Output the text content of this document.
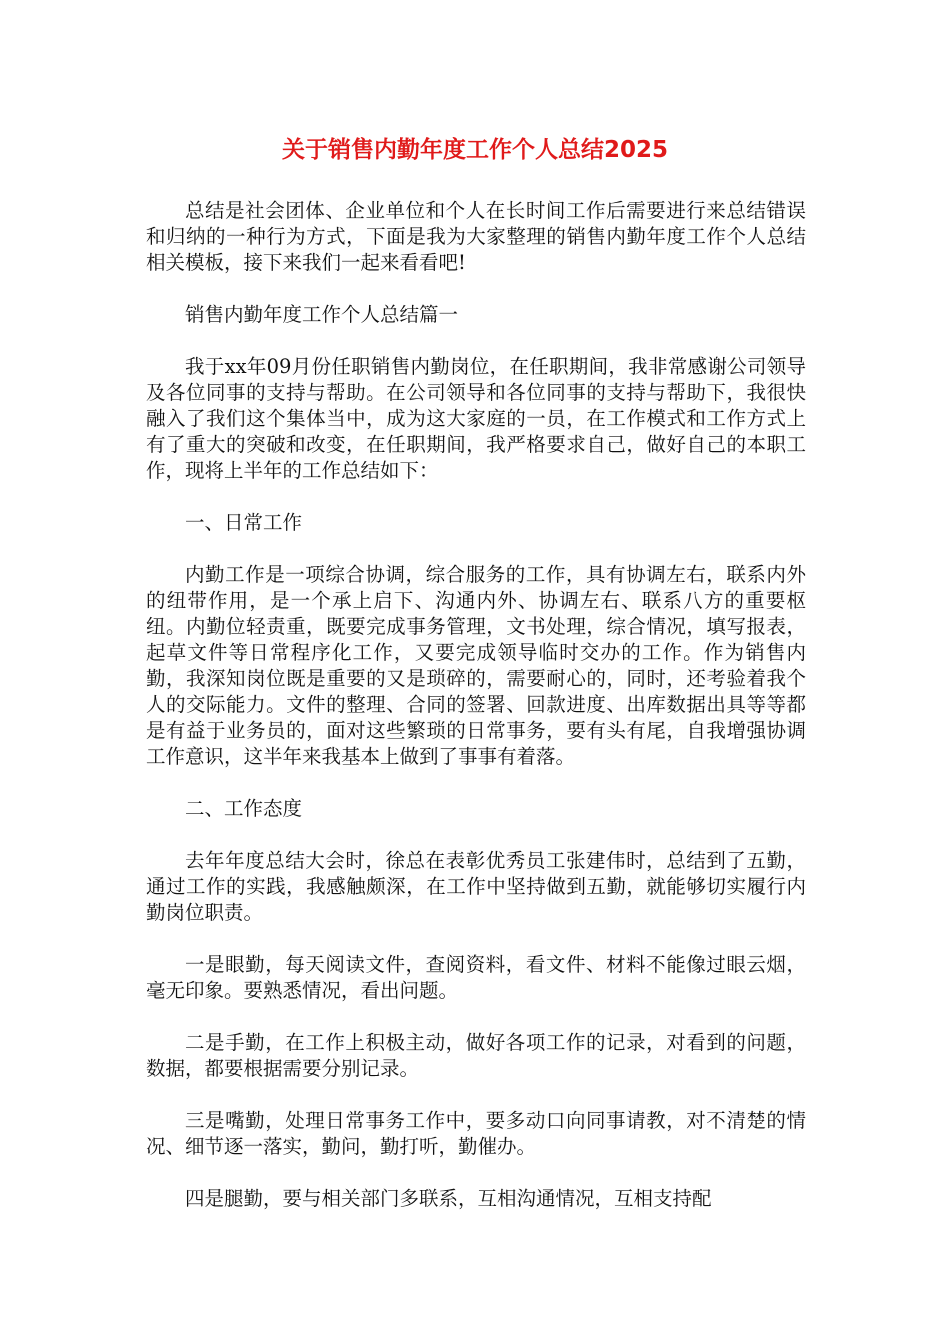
关于销售内勤年度工作个人总结2025

总结是社会团体、企业单位和个人在长时间工作后需要进行来总结错误和归纳的一种行为方式，下面是我为大家整理的销售内勤年度工作个人总结相关模板，接下来我们一起来看看吧!

销售内勤年度工作个人总结篇一

我于xx年09月份任职销售内勤岗位，在任职期间，我非常感谢公司领导及各位同事的支持与帮助。在公司领导和各位同事的支持与帮助下，我很快融入了我们这个集体当中，成为这大家庭的一员，在工作模式和工作方式上有了重大的突破和改变，在任职期间，我严格要求自己，做好自己的本职工作，现将上半年的工作总结如下：

一、日常工作

内勤工作是一项综合协调，综合服务的工作，具有协调左右，联系内外的纽带作用，是一个承上启下、沟通内外、协调左右、联系八方的重要枢纽。内勤位轻责重，既要完成事务管理，文书处理，综合情况，填写报表，起草文件等日常程序化工作，又要完成领导临时交办的工作。作为销售内勤，我深知岗位既是重要的又是琐碎的，需要耐心的，同时，还考验着我个人的交际能力。文件的整理、合同的签署、回款进度、出库数据出具等等都是有益于业务员的，面对这些繁琐的日常事务，要有头有尾，自我增强协调工作意识，这半年来我基本上做到了事事有着落。

二、工作态度

去年年度总结大会时，徐总在表彰优秀员工张建伟时，总结到了五勤，通过工作的实践，我感触颇深，在工作中坚持做到五勤，就能够切实履行内勤岗位职责。

一是眼勤，每天阅读文件，查阅资料，看文件、材料不能像过眼云烟，毫无印象。要熟悉情况，看出问题。

二是手勤，在工作上积极主动，做好各项工作的记录，对看到的问题，数据，都要根据需要分别记录。

三是嘴勤，处理日常事务工作中，要多动口向同事请教，对不清楚的情况、细节逐一落实，勤问，勤打听，勤催办。

四是腿勤，要与相关部门多联系，互相沟通情况，互相支持配
